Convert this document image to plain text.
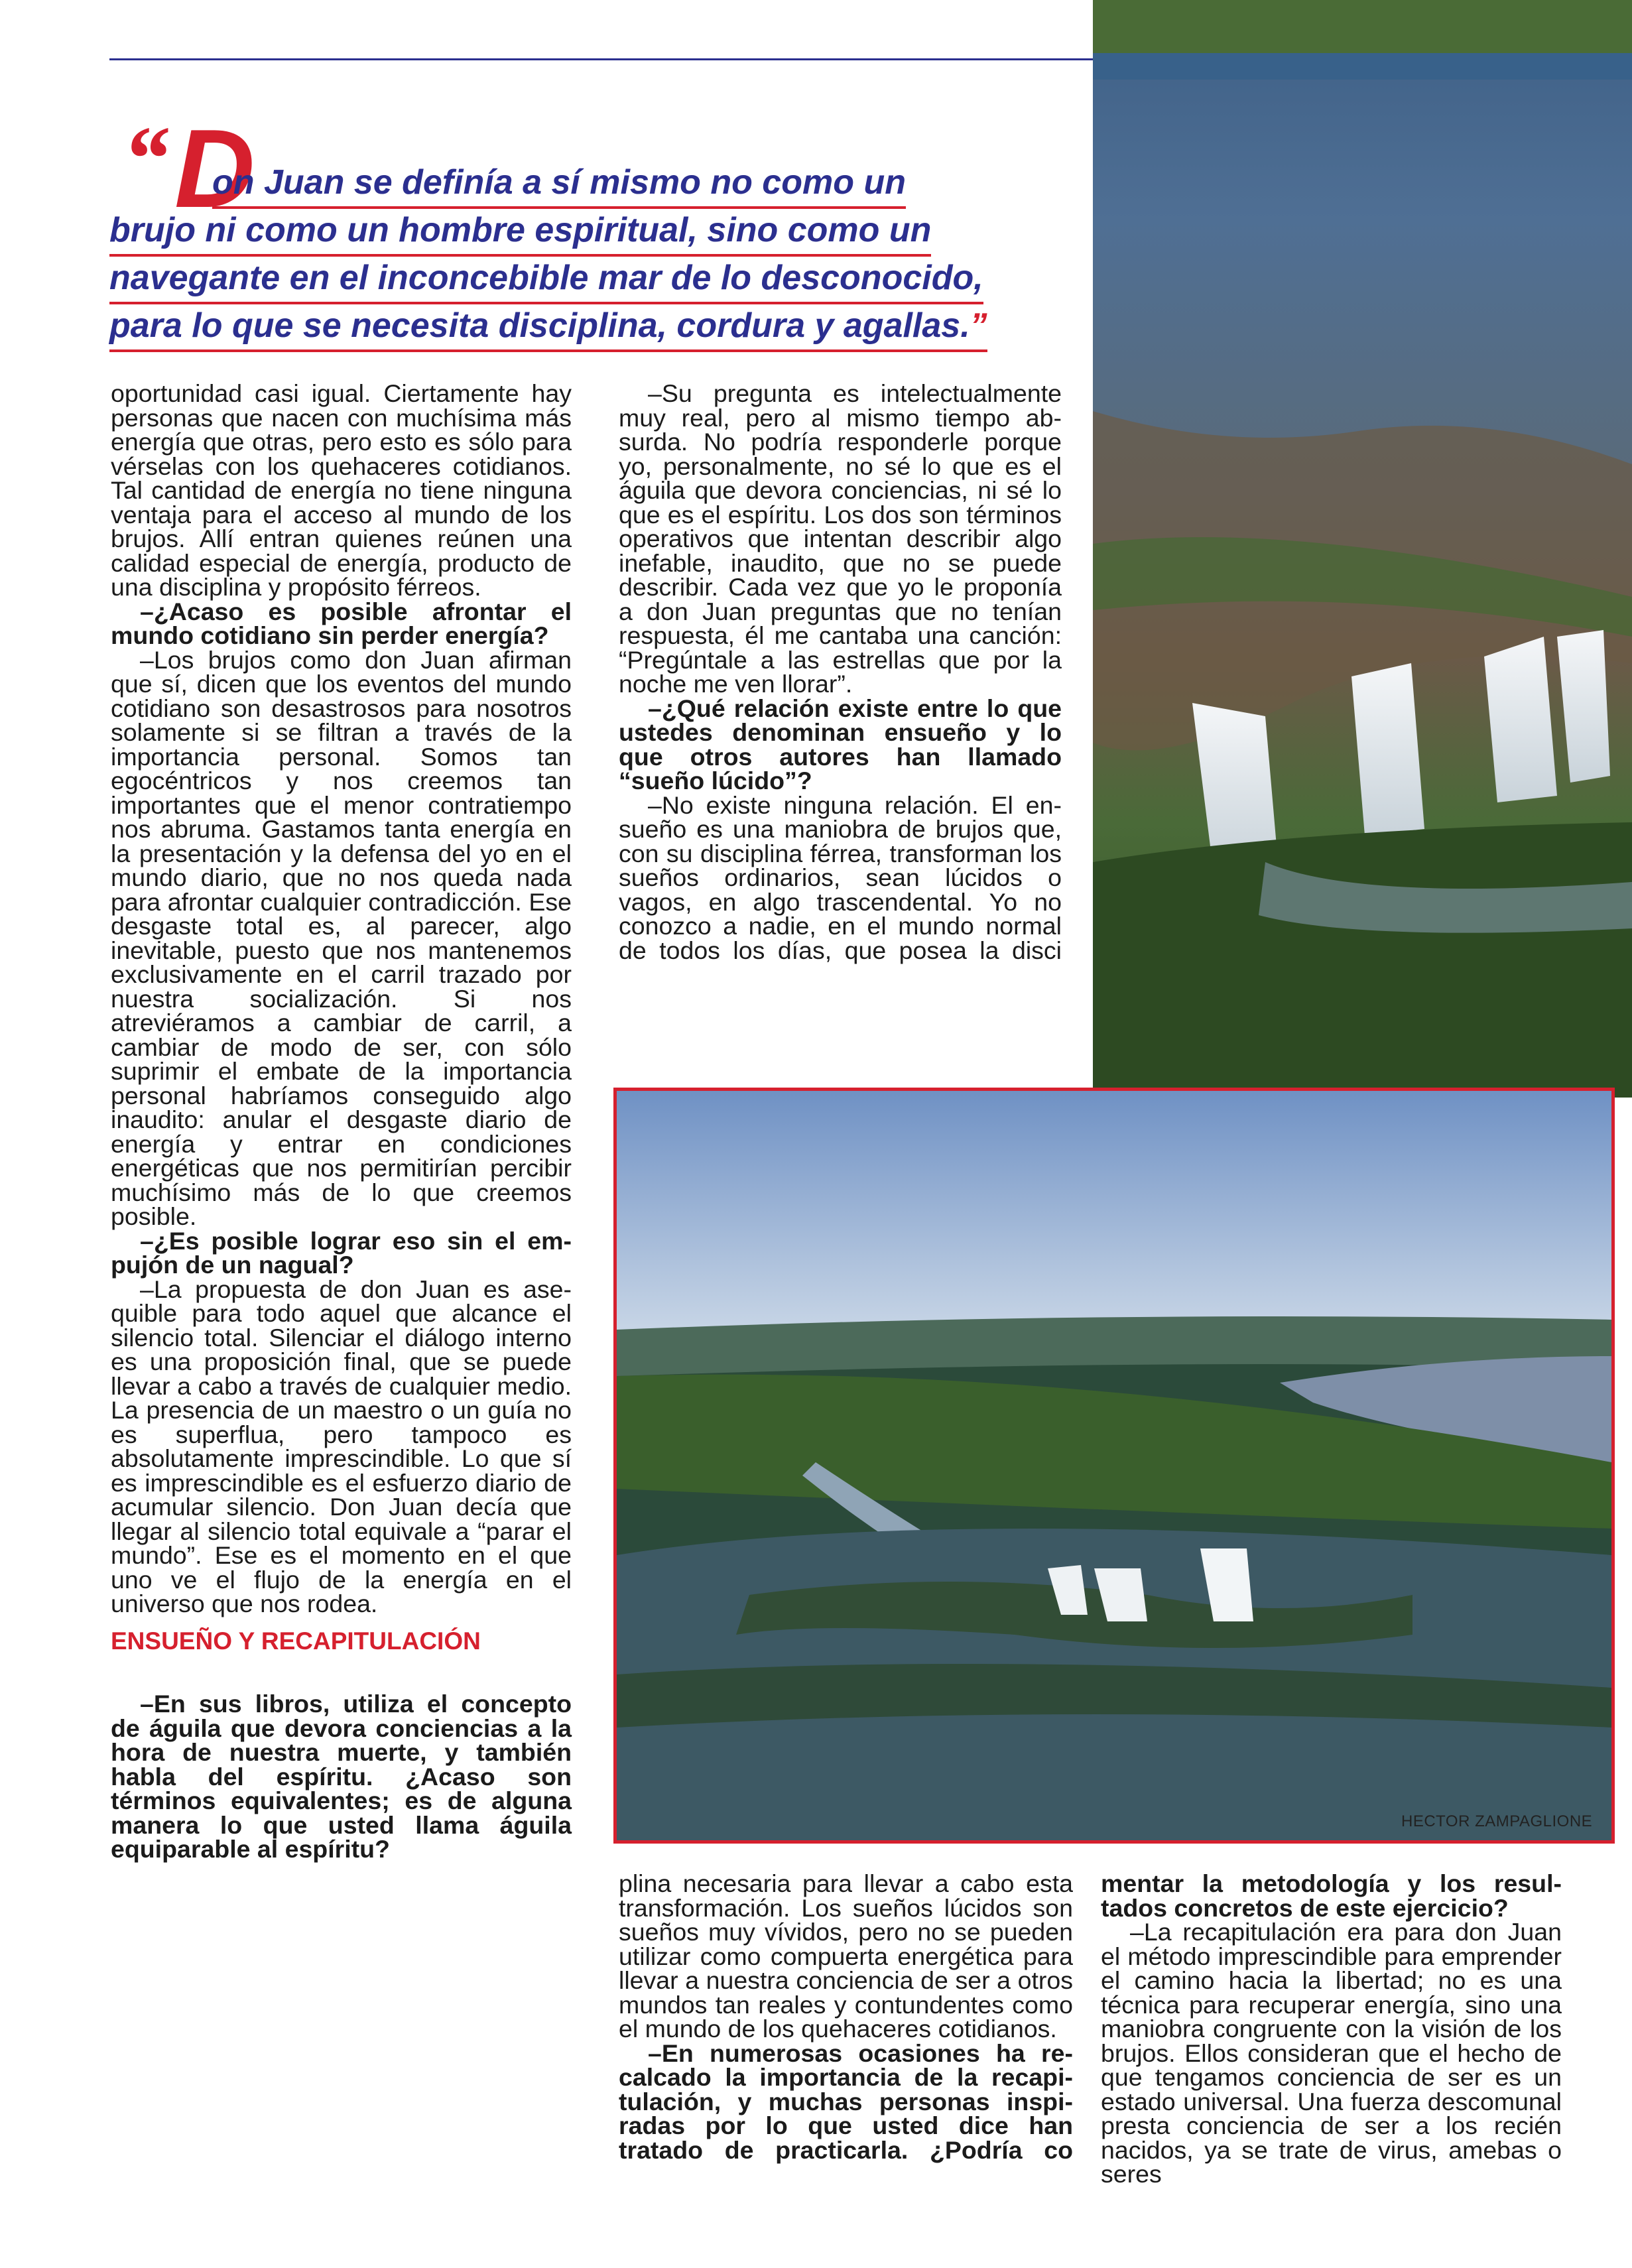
HECTOR ZAMPAGLIONE
“ D
on Juan se definía a sí mismo no como un
brujo ni como un hombre espiritual, sino como un
navegante en el inconcebible mar de lo desconocido,
para lo que se necesita disciplina, cordura y agallas.”

oportunidad casi igual. Ciertamente hay personas que nacen con muchísima más energía que otras, pero esto es sólo para vérselas con los quehaceres cotidianos. Tal cantidad de energía no tiene ninguna ventaja para el acceso al mundo de los brujos. Allí entran quienes reúnen una calidad especial de energía, producto de una disciplina y propósito férreos.

–¿Acaso es posible afrontar el mundo cotidiano sin perder energía?

–Los brujos como don Juan afirman que sí, dicen que los eventos del mundo cotidiano son desastrosos para nosotros solamente si se filtran a través de la importancia personal. Somos tan egocéntricos y nos creemos tan importantes que el menor contratiempo nos abruma. Gastamos tanta energía en la presentación y la defensa del yo en el mundo diario, que no nos queda nada para afrontar cualquier contradicción. Ese desgaste total es, al parecer, algo inevitable, puesto que nos mantenemos exclusivamente en el carril trazado por nuestra socialización. Si nos atreviéramos a cambiar de carril, a cambiar de modo de ser, con sólo suprimir el embate de la importancia personal habríamos conseguido algo inaudito: anular el desgaste diario de energía y entrar en condiciones energéticas que nos permitirían percibir muchísimo más de lo que creemos posible.

–¿Es posible lograr eso sin el empujón de un nagual?

–La propuesta de don Juan es asequible para todo aquel que alcance el silencio total. Silenciar el diálogo interno es una proposición final, que se puede llevar a cabo a través de cualquier medio. La presencia de un maestro o un guía no es superflua, pero tampoco es absolutamente imprescindible. Lo que sí es imprescindible es el esfuerzo diario de acumular silencio. Don Juan decía que llegar al silencio total equivale a “parar el mundo”. Ese es el momento en el que uno ve el flujo de la energía en el universo que nos rodea.

ENSUEÑO Y RECAPITULACIÓN

–En sus libros, utiliza el concepto de águila que devora conciencias a la hora de nuestra muerte, y también habla del espíritu. ¿Acaso son términos equivalentes; es de alguna manera lo que usted llama águila equiparable al espíritu?

–Su pregunta es intelectualmente muy real, pero al mismo tiempo absurda. No podría responderle porque yo, personalmente, no sé lo que es el águila que devora conciencias, ni sé lo que es el espíritu. Los dos son términos operativos que intentan describir algo inefable, inaudito, que no se puede describir. Cada vez que yo le proponía a don Juan preguntas que no tenían respuesta, él me cantaba una canción: “Pregúntale a las estrellas que por la noche me ven llorar”.

–¿Qué relación existe entre lo que ustedes denominan ensueño y lo que otros autores han llamado “sueño lúcido”?

–No existe ninguna relación. El ensueño es una maniobra de brujos que, con su disciplina férrea, transforman los sueños ordinarios, sean lúcidos o vagos, en algo trascendental. Yo no conozco a nadie, en el mundo normal de todos los días, que posea la disci

plina necesaria para llevar a cabo esta transformación. Los sueños lúcidos son sueños muy vívidos, pero no se pueden utilizar como compuerta energética para llevar a nuestra conciencia de ser a otros mundos tan reales y contundentes como el mundo de los quehaceres cotidianos.

–En numerosas ocasiones ha recalcado la importancia de la recapitulación, y muchas personas inspiradas por lo que usted dice han tratado de practicarla. ¿Podría co

mentar la metodología y los resultados concretos de este ejercicio?

–La recapitulación era para don Juan el método imprescindible para emprender el camino hacia la libertad; no es una técnica para recuperar energía, sino una maniobra congruente con la visión de los brujos. Ellos consideran que el hecho de que tengamos conciencia de ser es un estado universal. Una fuerza descomunal presta conciencia de ser a los recién nacidos, ya se trate de virus, amebas o seres
